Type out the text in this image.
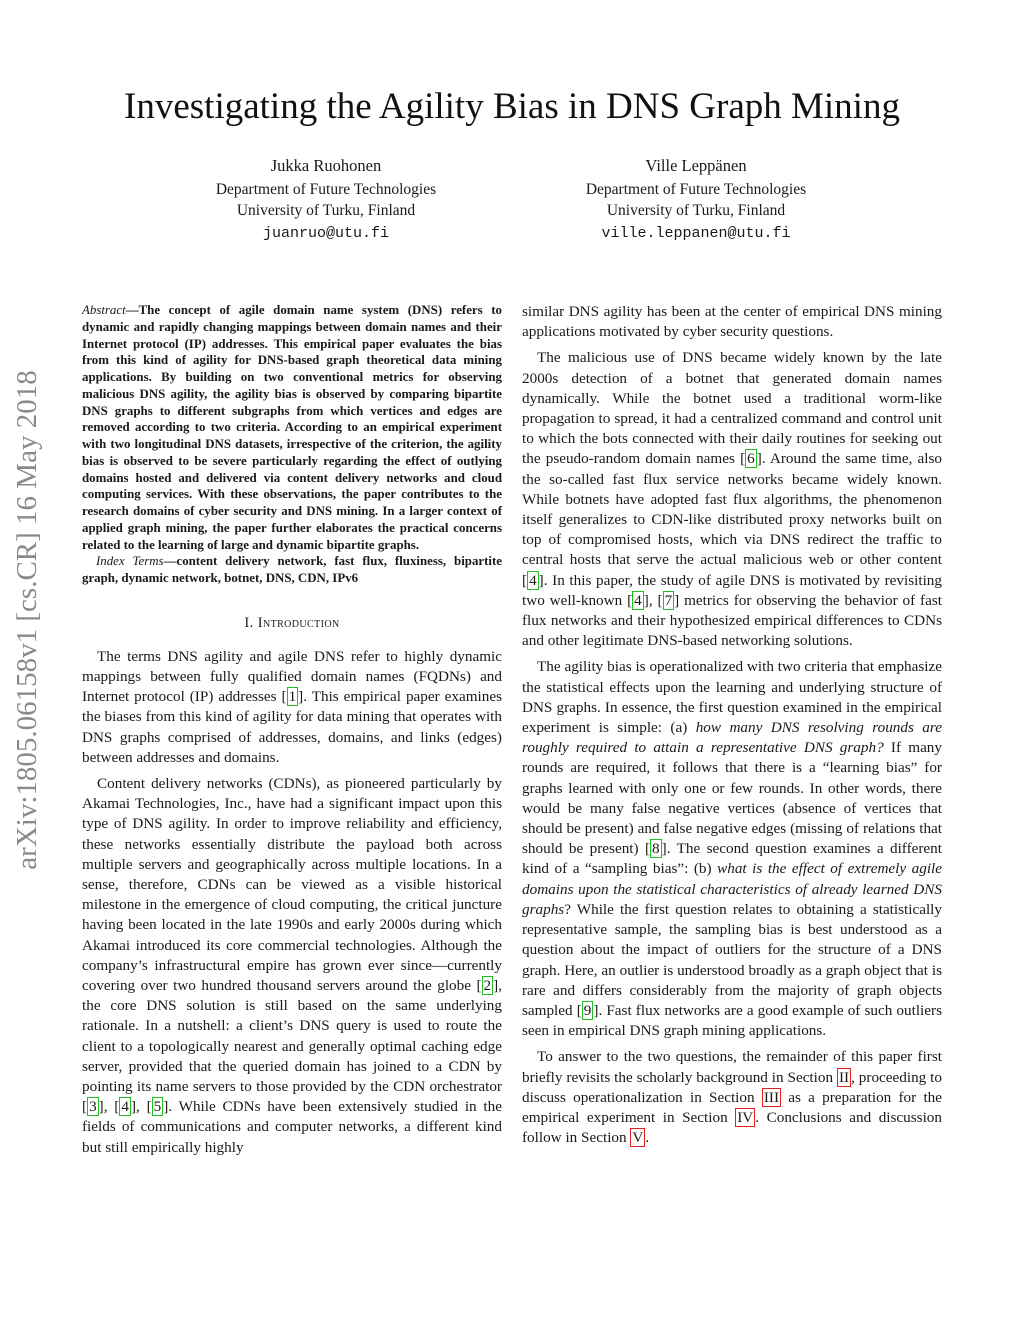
arXiv:1805.06158v1 [cs.CR] 16 May 2018
Investigating the Agility Bias in DNS Graph Mining
Jukka Ruohonen
Department of Future Technologies
University of Turku, Finland
juanruo@utu.fi
Ville Leppänen
Department of Future Technologies
University of Turku, Finland
ville.leppanen@utu.fi
Abstract—The concept of agile domain name system (DNS) refers to dynamic and rapidly changing mappings between domain names and their Internet protocol (IP) addresses. This empirical paper evaluates the bias from this kind of agility for DNS-based graph theoretical data mining applications. By building on two conventional metrics for observing malicious DNS agility, the agility bias is observed by comparing bipartite DNS graphs to different subgraphs from which vertices and edges are removed according to two criteria. According to an empirical experiment with two longitudinal DNS datasets, irrespective of the criterion, the agility bias is observed to be severe particularly regarding the effect of outlying domains hosted and delivered via content delivery networks and cloud computing services. With these observations, the paper contributes to the research domains of cyber security and DNS mining. In a larger context of applied graph mining, the paper further elaborates the practical concerns related to the learning of large and dynamic bipartite graphs.
Index Terms—content delivery network, fast flux, fluxiness, bipartite graph, dynamic network, botnet, DNS, CDN, IPv6
I. Introduction

The terms DNS agility and agile DNS refer to highly dynamic mappings between fully qualified domain names (FQDNs) and Internet protocol (IP) addresses [ 1 ]. This empirical paper examines the biases from this kind of agility for data mining that operates with DNS graphs comprised of addresses, domains, and links (edges) between addresses and domains.

Content delivery networks (CDNs), as pioneered particularly by Akamai Technologies, Inc., have had a significant impact upon this type of DNS agility. In order to improve reliability and efficiency, these networks essentially distribute the payload both across multiple servers and geographically across multiple locations. In a sense, therefore, CDNs can be viewed as a visible historical milestone in the emergence of cloud computing, the critical juncture having been located in the late 1990s and early 2000s during which Akamai introduced its core commercial technologies. Although the company’s infrastructural empire has grown ever since—currently covering over two hundred thousand servers around the globe [ 2 ], the core DNS solution is still based on the same underlying rationale. In a nutshell: a client’s DNS query is used to route the client to a topologically nearest and generally optimal caching edge server, provided that the queried domain has joined to a CDN by pointing its name servers to those provided by the CDN orchestrator [ 3 ], [ 4 ], [ 5 ]. While CDNs have been extensively studied in the fields of communications and computer networks, a different kind but still empirically highly

similar DNS agility has been at the center of empirical DNS mining applications motivated by cyber security questions.

The malicious use of DNS became widely known by the late 2000s detection of a botnet that generated domain names dynamically. While the botnet used a traditional worm-like propagation to spread, it had a centralized command and control unit to which the bots connected with their daily routines for seeking out the pseudo-random domain names [ 6 ]. Around the same time, also the so-called fast flux service networks became widely known. While botnets have adopted fast flux algorithms, the phenomenon itself generalizes to CDN-like distributed proxy networks built on top of compromised hosts, which via DNS redirect the traffic to central hosts that serve the actual malicious web or other content [ 4 ]. In this paper, the study of agile DNS is motivated by revisiting two well-known [ 4 ], [ 7 ] metrics for observing the behavior of fast flux networks and their hypothesized empirical differences to CDNs and other legitimate DNS-based networking solutions.

The agility bias is operationalized with two criteria that emphasize the statistical effects upon the learning and underlying structure of DNS graphs. In essence, the first question examined in the empirical experiment is simple: (a) how many DNS resolving rounds are roughly required to attain a representative DNS graph? If many rounds are required, it follows that there is a “learning bias” for graphs learned with only one or few rounds. In other words, there would be many false negative vertices (absence of vertices that should be present) and false negative edges (missing of relations that should be present) [ 8 ]. The second question examines a different kind of a “sampling bias”: (b) what is the effect of extremely agile domains upon the statistical characteristics of already learned DNS graphs? While the first question relates to obtaining a statistically representative sample, the sampling bias is best understood as a question about the impact of outliers for the structure of a DNS graph. Here, an outlier is understood broadly as a graph object that is rare and differs considerably from the majority of graph objects sampled [ 9 ]. Fast flux networks are a good example of such outliers seen in empirical DNS graph mining applications.

To answer to the two questions, the remainder of this paper first briefly revisits the scholarly background in Section II , proceeding to discuss operationalization in Section III as a preparation for the empirical experiment in Section IV . Conclusions and discussion follow in Section V .
